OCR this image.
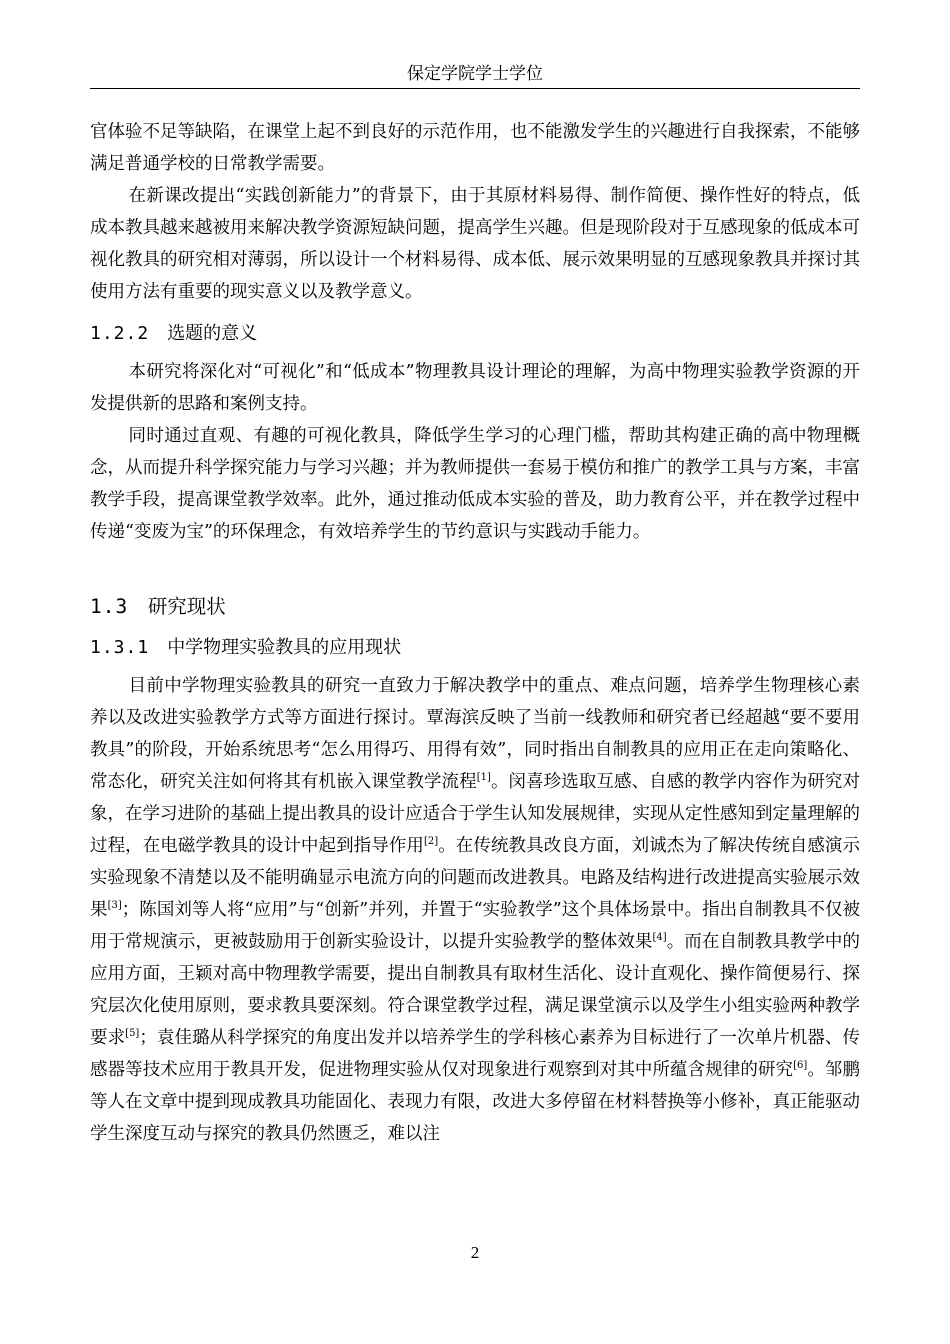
保定学院学士学位

官体验不足等缺陷，在课堂上起不到良好的示范作用，也不能激发学生的兴趣进行自我探索，不能够满足普通学校的日常教学需要。

在新课改提出“实践创新能力”的背景下，由于其原材料易得、制作简便、操作性好的特点，低成本教具越来越被用来解决教学资源短缺问题，提高学生兴趣。但是现阶段对于互感现象的低成本可视化教具的研究相对薄弱，所以设计一个材料易得、成本低、展示效果明显的互感现象教具并探讨其使用方法有重要的现实意义以及教学意义。

1.2.2  选题的意义

本研究将深化对“可视化”和“低成本”物理教具设计理论的理解，为高中物理实验教学资源的开发提供新的思路和案例支持。

同时通过直观、有趣的可视化教具，降低学生学习的心理门槛，帮助其构建正确的高中物理概念，从而提升科学探究能力与学习兴趣；并为教师提供一套易于模仿和推广的教学工具与方案，丰富教学手段，提高课堂教学效率。此外，通过推动低成本实验的普及，助力教育公平，并在教学过程中传递“变废为宝”的环保理念，有效培养学生的节约意识与实践动手能力。

1.3  研究现状
1.3.1  中学物理实验教具的应用现状

目前中学物理实验教具的研究一直致力于解决教学中的重点、难点问题，培养学生物理核心素养以及改进实验教学方式等方面进行探讨。覃海滨反映了当前一线教师和研究者已经超越“要不要用教具”的阶段，开始系统思考“怎么用得巧、用得有效”，同时指出自制教具的应用正在走向策略化、常态化，研究关注如何将其有机嵌入课堂教学流程[1]。闵喜珍选取互感、自感的教学内容作为研究对象，在学习进阶的基础上提出教具的设计应适合于学生认知发展规律，实现从定性感知到定量理解的过程，在电磁学教具的设计中起到指导作用[2]。在传统教具改良方面，刘诚杰为了解决传统自感演示实验现象不清楚以及不能明确显示电流方向的问题而改进教具。电路及结构进行改进提高实验展示效果[3]；陈国刘等人将“应用”与“创新”并列，并置于“实验教学”这个具体场景中。指出自制教具不仅被用于常规演示，更被鼓励用于创新实验设计，以提升实验教学的整体效果[4]。而在自制教具教学中的应用方面，王颖对高中物理教学需要，提出自制教具有取材生活化、设计直观化、操作简便易行、探究层次化使用原则，要求教具要深刻。符合课堂教学过程，满足课堂演示以及学生小组实验两种教学要求[5]；袁佳璐从科学探究的角度出发并以培养学生的学科核心素养为目标进行了一次单片机器、传感器等技术应用于教具开发，促进物理实验从仅对现象进行观察到对其中所蕴含规律的研究[6]。邹鹏等人在文章中提到现成教具功能固化、表现力有限，改进大多停留在材料替换等小修补，真正能驱动学生深度互动与探究的教具仍然匮乏，难以注

2
